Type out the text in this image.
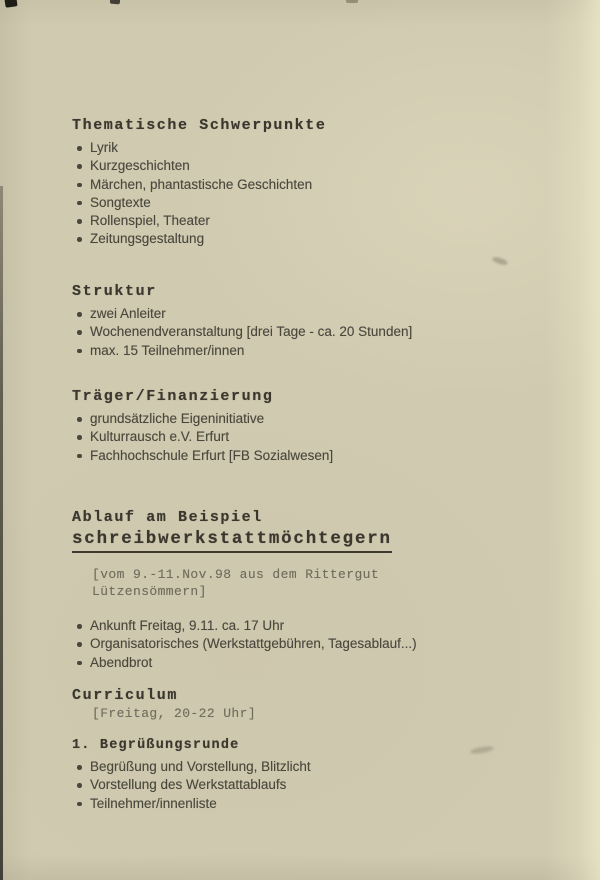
Thematische Schwerpunkte
Lyrik
Kurzgeschichten
Märchen, phantastische Geschichten
Songtexte
Rollenspiel, Theater
Zeitungsgestaltung
Struktur
zwei Anleiter
Wochenendveranstaltung [drei Tage - ca. 20 Stunden]
max. 15 Teilnehmer/innen
Träger/Finanzierung
grundsätzliche Eigeninitiative
Kulturrausch e.V. Erfurt
Fachhochschule Erfurt [FB Sozialwesen]
Ablauf am Beispiel
schreibwerkstattmöchtegern

[vom 9.-11.Nov.98 aus dem Rittergut

Lützensömmern]

Ankunft Freitag, 9.11. ca. 17 Uhr
Organisatorisches (Werkstattgebühren, Tagesablauf...)
Abendbrot
Curriculum

[Freitag, 20-22 Uhr]

1. Begrüßungsrunde
Begrüßung und Vorstellung, Blitzlicht
Vorstellung des Werkstattablaufs
Teilnehmer/innenliste
